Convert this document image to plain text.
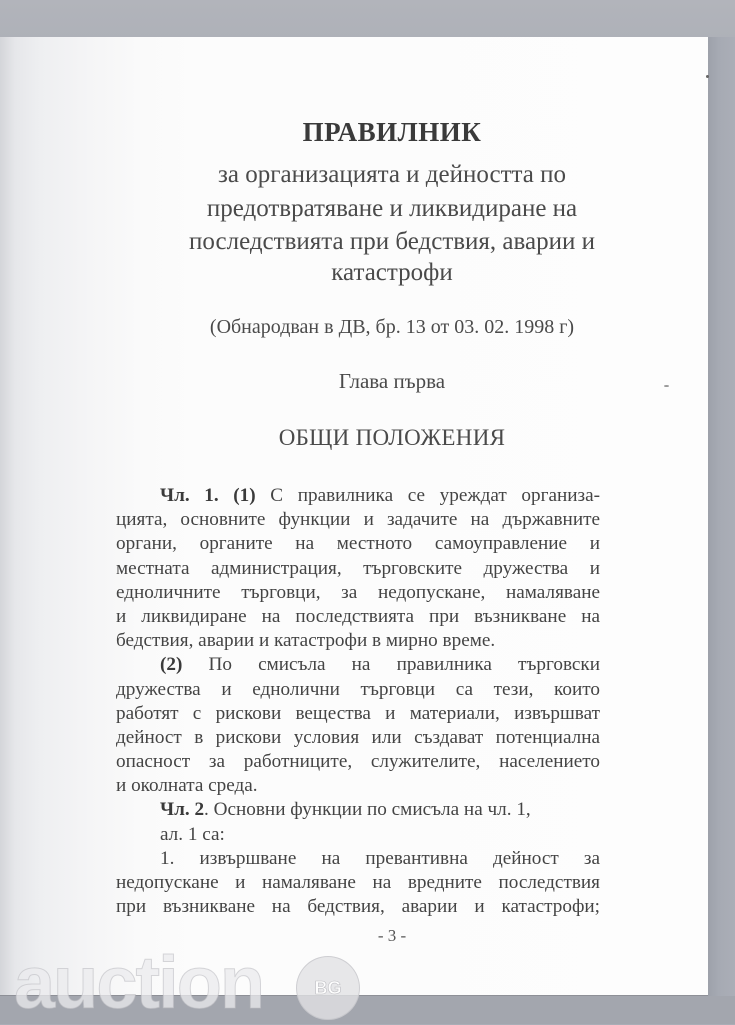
ПРАВИЛНИК
за организацията и дейността по
предотвратяване и ликвидиране на
последствията при бедствия, аварии и
катастрофи
(Обнародван в ДВ, бр. 13 от 03. 02. 1998 г)
Глава първа
ОБЩИ ПОЛОЖЕНИЯ
Чл. 1. (1) С правилника се уреждат организа-
цията, основните функции и задачите на държавните
органи, органите на местното самоуправление и
местната администрация, търговските дружества и
едноличните търговци, за недопускане, намаляване
и ликвидиране на последствията при възникване на
бедствия, аварии и катастрофи в мирно време.
(2) По смисъла на правилника търговски
дружества и еднолични търговци са тези, които
работят с рискови вещества и материали, извършват
дейност в рискови условия или създават потенциална
опасност за работниците, служителите, населението
и околната среда.
Чл. 2. Основни функции по смисъла на чл. 1,
ал. 1 са:
1. извършване на превантивна дейност за
недопускане и намаляване на вредните последствия
при възникване на бедствия, аварии и катастрофи;
- 3 -
auction	BG
